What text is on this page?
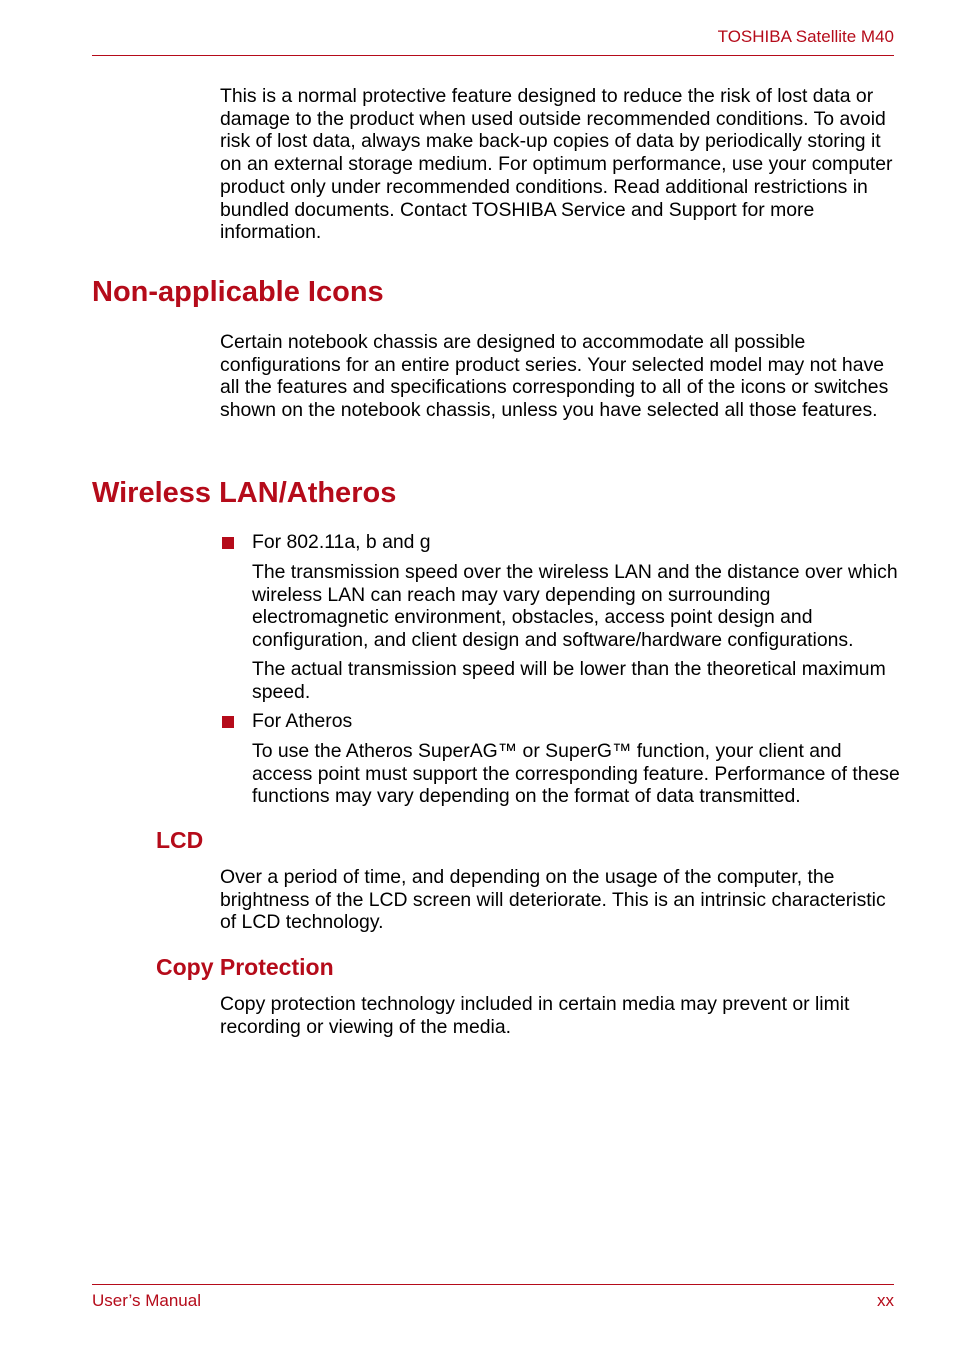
TOSHIBA Satellite M40

This is a normal protective feature designed to reduce the risk of lost data or damage to the product when used outside recommended conditions. To avoid risk of lost data, always make back-up copies of data by periodically storing it on an external storage medium. For optimum performance, use your computer product only under recommended conditions. Read additional restrictions in bundled documents. Contact TOSHIBA Service and Support for more information.

Non-applicable Icons

Certain notebook chassis are designed to accommodate all possible configurations for an entire product series. Your selected model may not have all the features and specifications corresponding to all of the icons or switches shown on the notebook chassis, unless you have selected all those features.

Wireless LAN/Atheros
For 802.11a, b and g

The transmission speed over the wireless LAN and the distance over which wireless LAN can reach may vary depending on surrounding electromagnetic environment, obstacles, access point design and configuration, and client design and software/hardware configurations.

The actual transmission speed will be lower than the theoretical maximum speed.

For Atheros

To use the Atheros SuperAG™ or SuperG™ function, your client and access point must support the corresponding feature. Performance of these functions may vary depending on the format of data transmitted.

LCD

Over a period of time, and depending on the usage of the computer, the brightness of the LCD screen will deteriorate. This is an intrinsic characteristic of LCD technology.

Copy Protection

Copy protection technology included in certain media may prevent or limit recording or viewing of the media.

User’s Manual	xx
